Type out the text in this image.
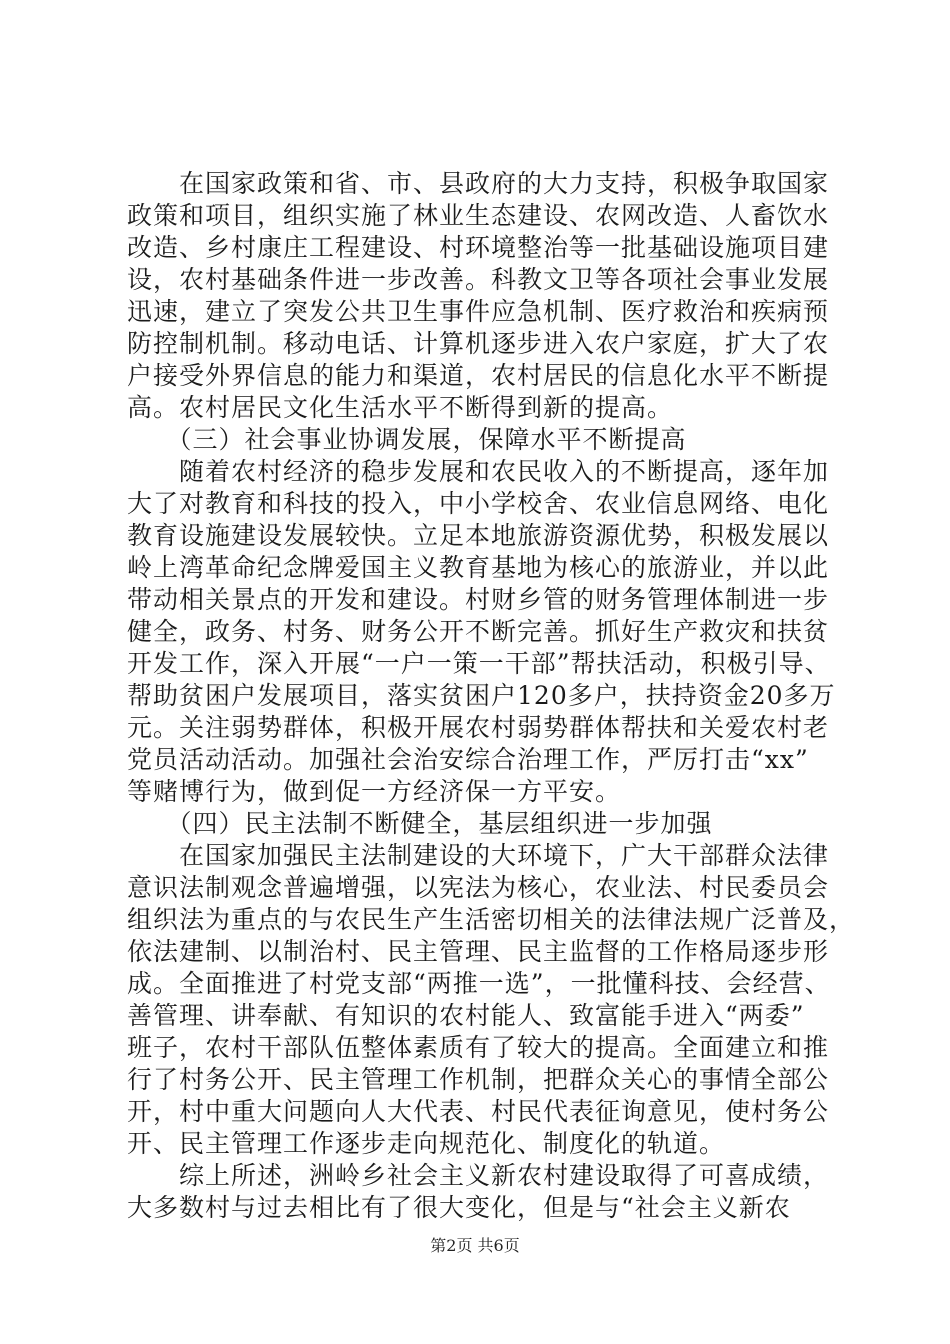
　　在国家政策和省、市、县政府的大力支持，积极争取国家
政策和项目，组织实施了林业生态建设、农网改造、人畜饮水
改造、乡村康庄工程建设、村环境整治等一批基础设施项目建
设，农村基础条件进一步改善。科教文卫等各项社会事业发展
迅速，建立了突发公共卫生事件应急机制、医疗救治和疾病预
防控制机制。移动电话、计算机逐步进入农户家庭，扩大了农
户接受外界信息的能力和渠道，农村居民的信息化水平不断提
高。农村居民文化生活水平不断得到新的提高。
　　（三）社会事业协调发展，保障水平不断提高
　　随着农村经济的稳步发展和农民收入的不断提高，逐年加
大了对教育和科技的投入，中小学校舍、农业信息网络、电化
教育设施建设发展较快。立足本地旅游资源优势，积极发展以
岭上湾革命纪念牌爱国主义教育基地为核心的旅游业，并以此
带动相关景点的开发和建设。村财乡管的财务管理体制进一步
健全，政务、村务、财务公开不断完善。抓好生产救灾和扶贫
开发工作，深入开展“一户一策一干部”帮扶活动，积极引导、
帮助贫困户发展项目，落实贫困户120多户，扶持资金20多万
元。关注弱势群体，积极开展农村弱势群体帮扶和关爱农村老
党员活动活动。加强社会治安综合治理工作，严厉打击“xx”
等赌博行为，做到促一方经济保一方平安。
　　（四）民主法制不断健全，基层组织进一步加强
　　在国家加强民主法制建设的大环境下，广大干部群众法律
意识法制观念普遍增强，以宪法为核心，农业法、村民委员会
组织法为重点的与农民生产生活密切相关的法律法规广泛普及，
依法建制、以制治村、民主管理、民主监督的工作格局逐步形
成。全面推进了村党支部“两推一选”，一批懂科技、会经营、
善管理、讲奉献、有知识的农村能人、致富能手进入“两委”
班子，农村干部队伍整体素质有了较大的提高。全面建立和推
行了村务公开、民主管理工作机制，把群众关心的事情全部公
开，村中重大问题向人大代表、村民代表征询意见，使村务公
开、民主管理工作逐步走向规范化、制度化的轨道。
　　综上所述，洲岭乡社会主义新农村建设取得了可喜成绩，
大多数村与过去相比有了很大变化，但是与“社会主义新农
第2页 共6页
